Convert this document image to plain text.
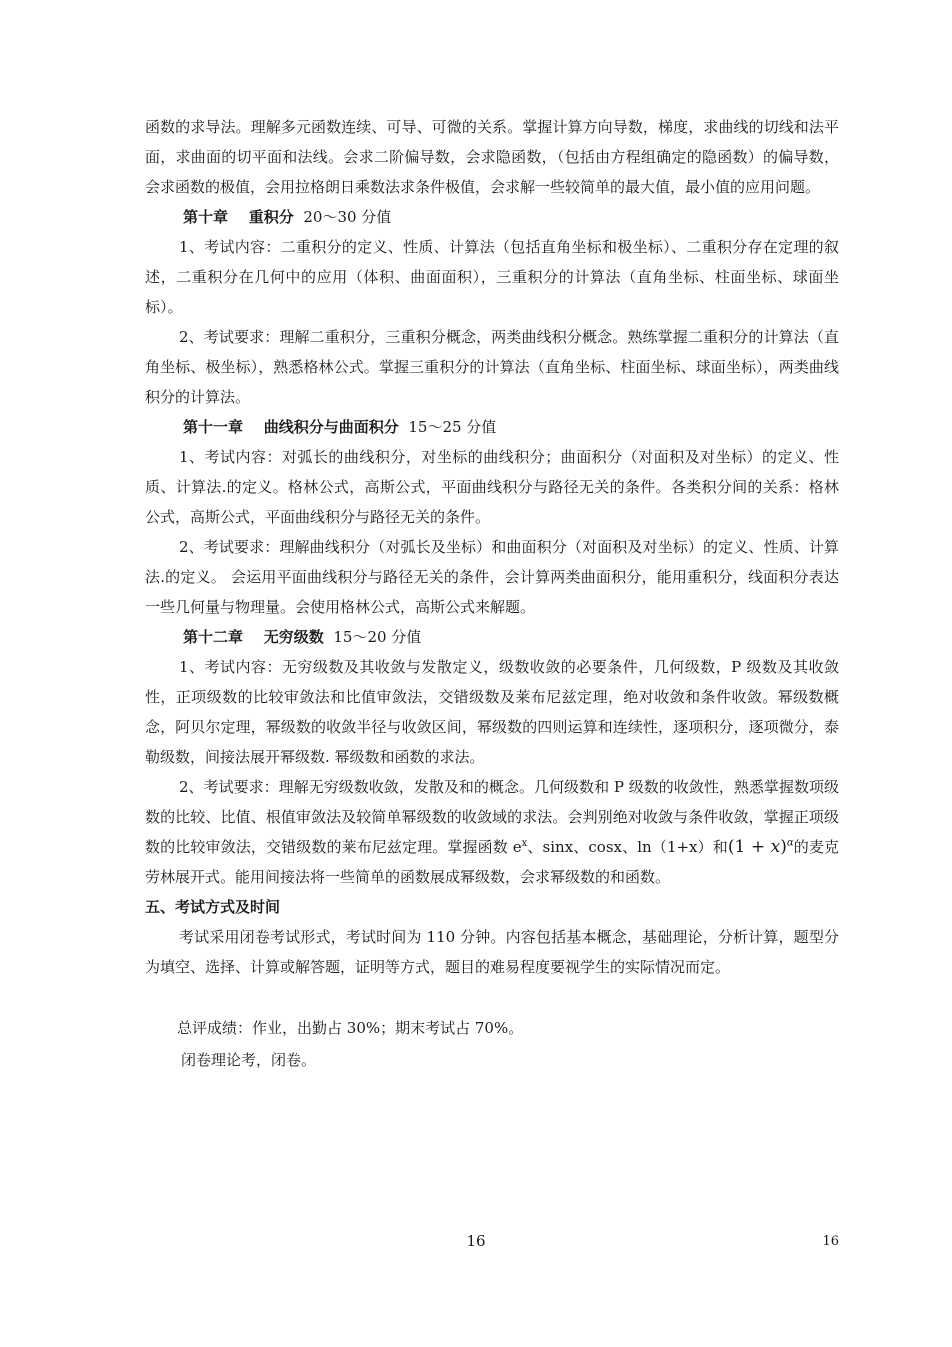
函数的求导法。理解多元函数连续、可导、可微的关系。掌握计算方向导数，梯度，求曲线的切线和法平面，求曲面的切平面和法线。会求二阶偏导数，会求隐函数，（包括由方程组确定的隐函数）的偏导数，会求函数的极值，会用拉格朗日乘数法求条件极值，会求解一些较简单的最大值，最小值的应用问题。

第十章 重积分 20～30 分值

1、考试内容：二重积分的定义、性质、计算法（包括直角坐标和极坐标）、二重积分存在定理的叙述，二重积分在几何中的应用（体积、曲面面积），三重积分的计算法（直角坐标、柱面坐标、球面坐标）。

2、考试要求：理解二重积分，三重积分概念，两类曲线积分概念。熟练掌握二重积分的计算法（直角坐标、极坐标），熟悉格林公式。掌握三重积分的计算法（直角坐标、柱面坐标、球面坐标），两类曲线积分的计算法。

第十一章 曲线积分与曲面积分 15～25 分值

1、考试内容：对弧长的曲线积分，对坐标的曲线积分；曲面积分（对面积及对坐标）的定义、性质、计算法.的定义。格林公式，高斯公式，平面曲线积分与路径无关的条件。各类积分间的关系：格林公式，高斯公式，平面曲线积分与路径无关的条件。

2、考试要求：理解曲线积分（对弧长及坐标）和曲面积分（对面积及对坐标）的定义、性质、计算法.的定义。 会运用平面曲线积分与路径无关的条件，会计算两类曲面积分，能用重积分，线面积分表达一些几何量与物理量。会使用格林公式，高斯公式来解题。

第十二章 无穷级数 15～20 分值

1、考试内容：无穷级数及其收敛与发散定义，级数收敛的必要条件，几何级数，P 级数及其收敛性，正项级数的比较审敛法和比值审敛法，交错级数及莱布尼兹定理，绝对收敛和条件收敛。幂级数概念，阿贝尔定理，幂级数的收敛半径与收敛区间，幂级数的四则运算和连续性，逐项积分，逐项微分，泰勒级数，间接法展开幂级数. 幂级数和函数的求法。

2、考试要求：理解无穷级数收敛，发散及和的概念。几何级数和 P 级数的收敛性，熟悉掌握数项级数的比较、比值、根值审敛法及较简单幂级数的收敛域的求法。会判别绝对收敛与条件收敛，掌握正项级数的比较审敛法，交错级数的莱布尼兹定理。掌握函数 $e^x$、sinx、cosx、ln（1+x）和$(1 + x)^\alpha$的麦克劳林展开式。能用间接法将一些简单的函数展成幂级数，会求幂级数的和函数。

五、考试方式及时间

考试采用闭卷考试形式，考试时间为 110 分钟。内容包括基本概念，基础理论，分析计算，题型分为填空、选择、计算或解答题，证明等方式，题目的难易程度要视学生的实际情况而定。

总评成绩：作业，出勤占 30%；期末考试占 70%。
闭卷理论考，闭卷。
16	16
